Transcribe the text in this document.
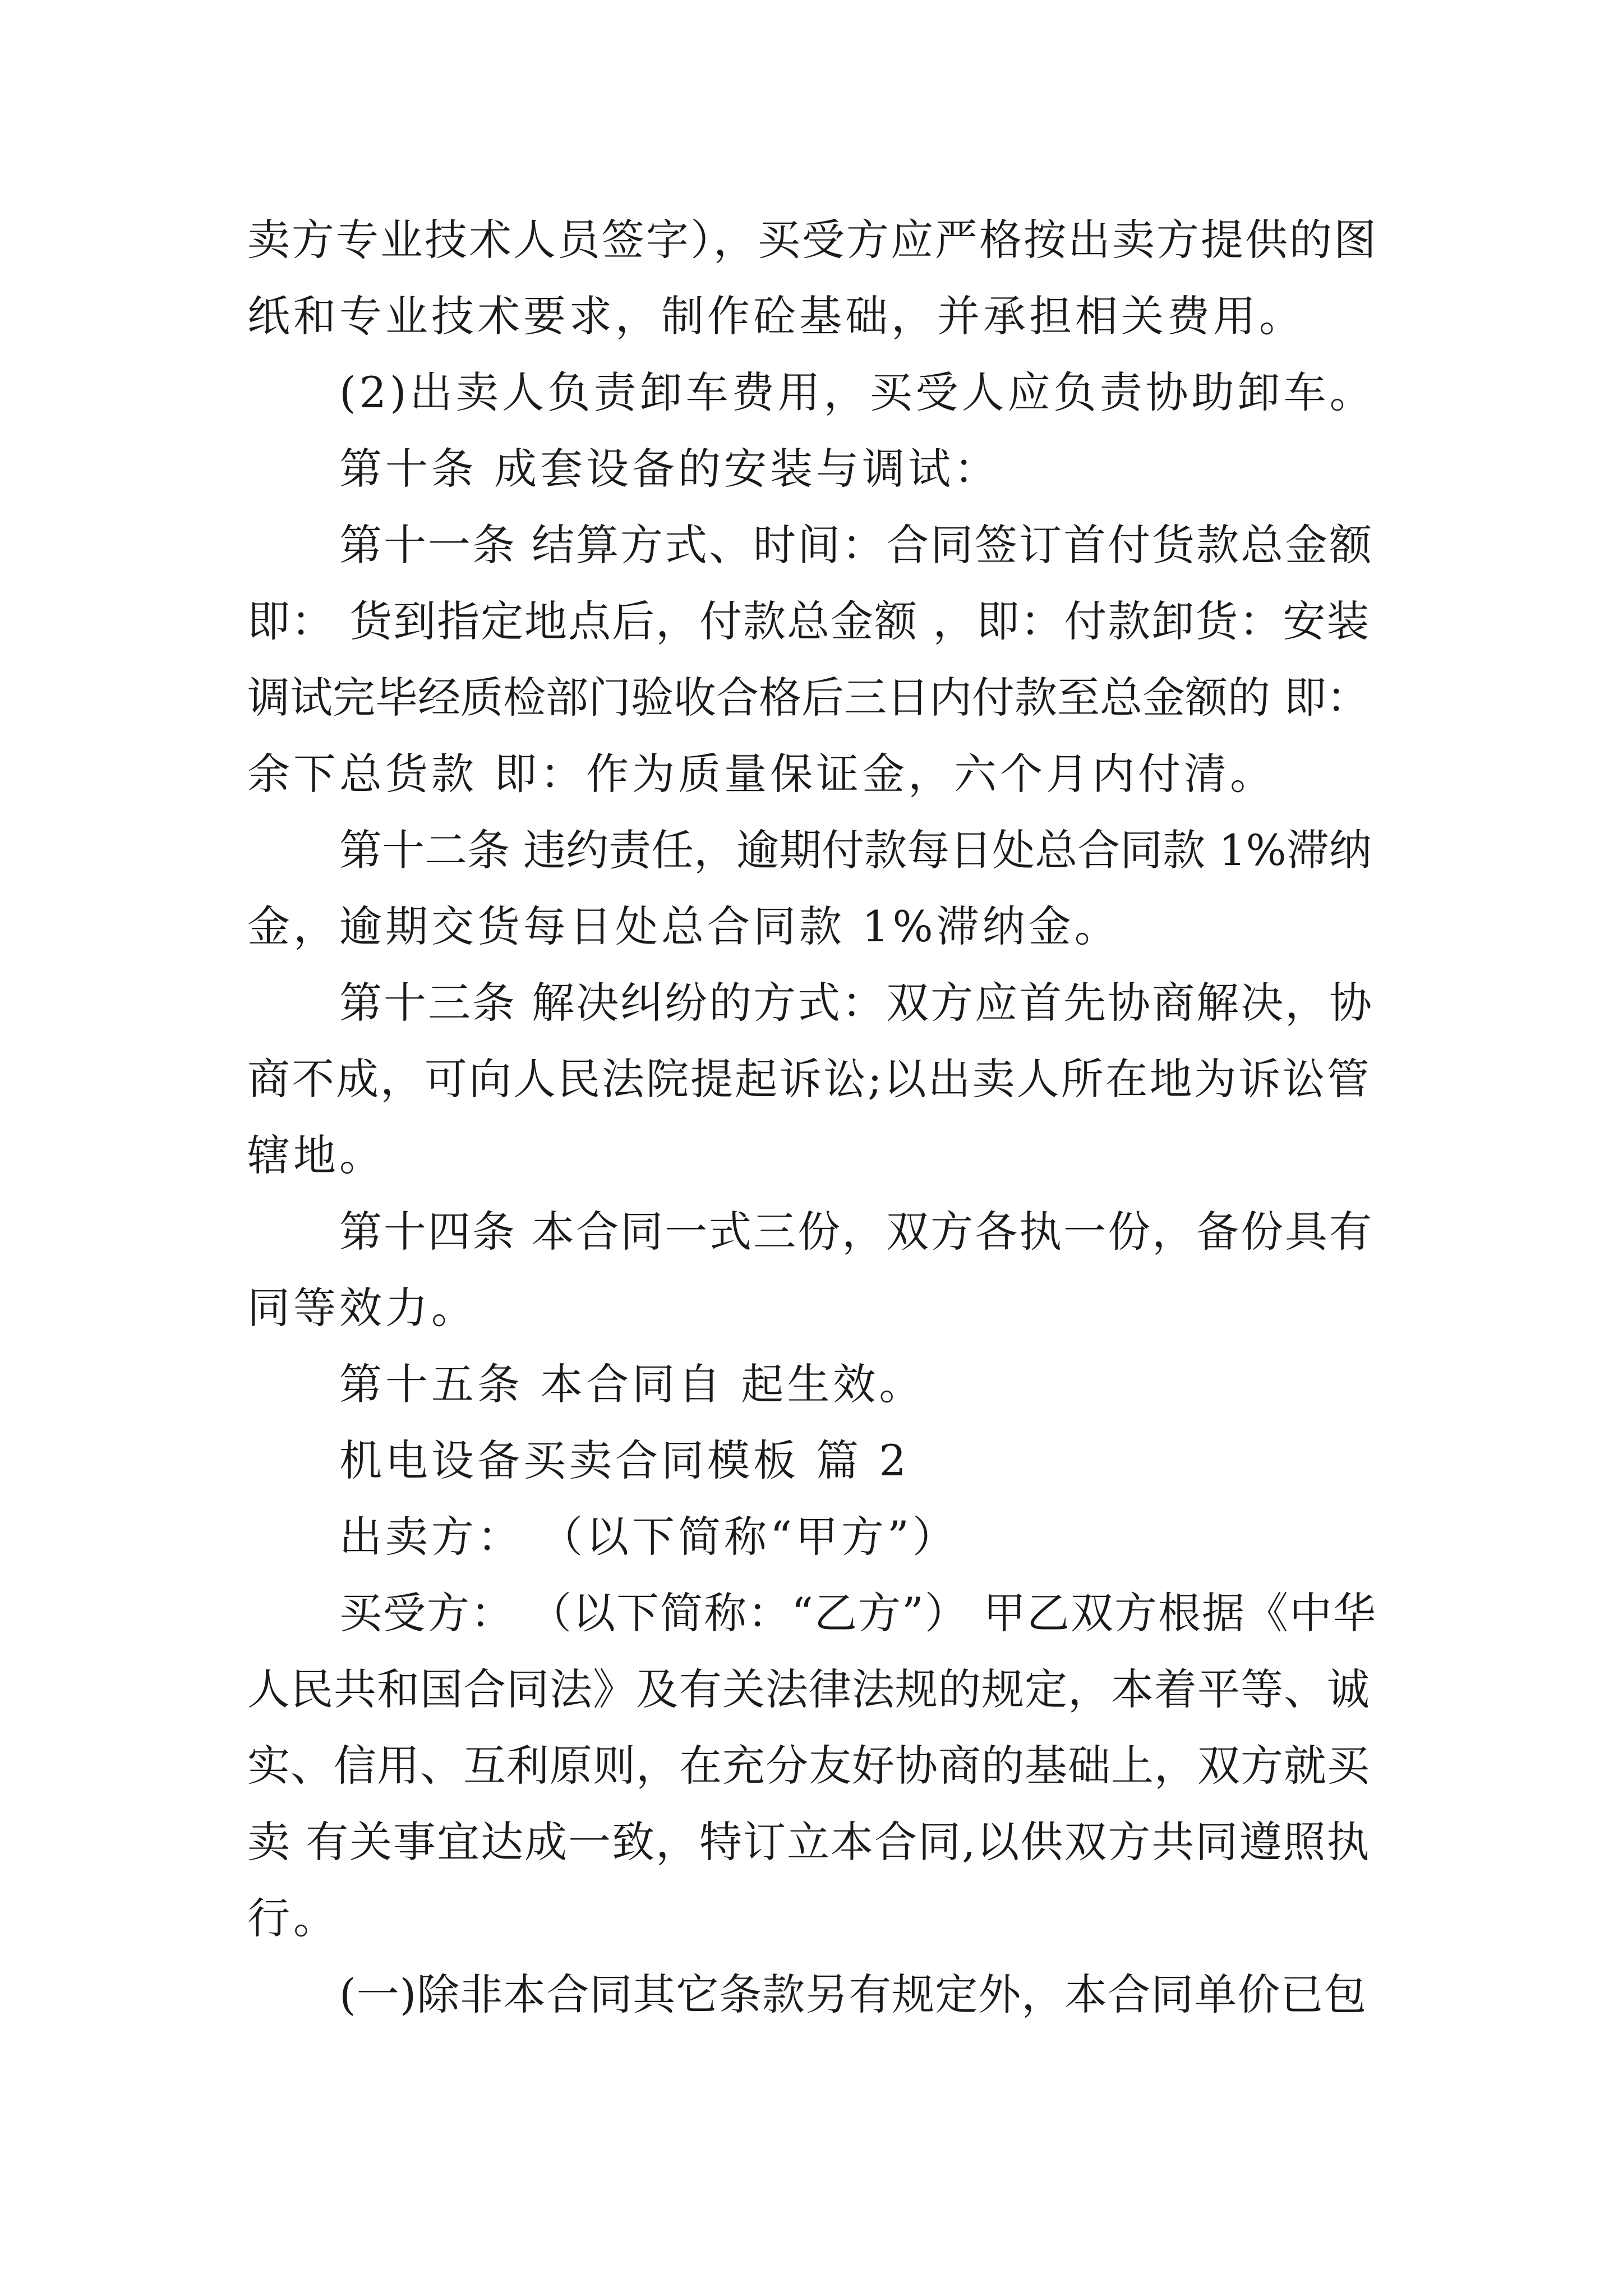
卖方专业技术人员签字），买受方应严格按出卖方提供的图

纸和专业技术要求，制作砼基础，并承担相关费用。

(2)出卖人负责卸车费用，买受人应负责协助卸车。

第十条 成套设备的安装与调试：

第十一条 结算方式、时间：合同签订首付货款总金额

即： 货到指定地点后，付款总金额 ，即：付款卸货：安装

调试完毕经质检部门验收合格后三日内付款至总金额的 即：

余下总货款 即：作为质量保证金，六个月内付清。

第十二条 违约责任，逾期付款每日处总合同款 1%滞纳

金，逾期交货每日处总合同款 1%滞纳金。

第十三条 解决纠纷的方式：双方应首先协商解决，协

商不成，可向人民法院提起诉讼;以出卖人所在地为诉讼管

辖地。

第十四条 本合同一式三份，双方各执一份，备份具有

同等效力。

第十五条 本合同自 起生效。

机电设备买卖合同模板 篇 2

出卖方： （以下简称“甲方”）

买受方： （以下简称：“乙方”） 甲乙双方根据《中华

人民共和国合同法》及有关法律法规的规定，本着平等、诚

实、信用、互利原则，在充分友好协商的基础上，双方就买

卖 有关事宜达成一致，特订立本合同,以供双方共同遵照执

行。

(一)除非本合同其它条款另有规定外，本合同单价已包
